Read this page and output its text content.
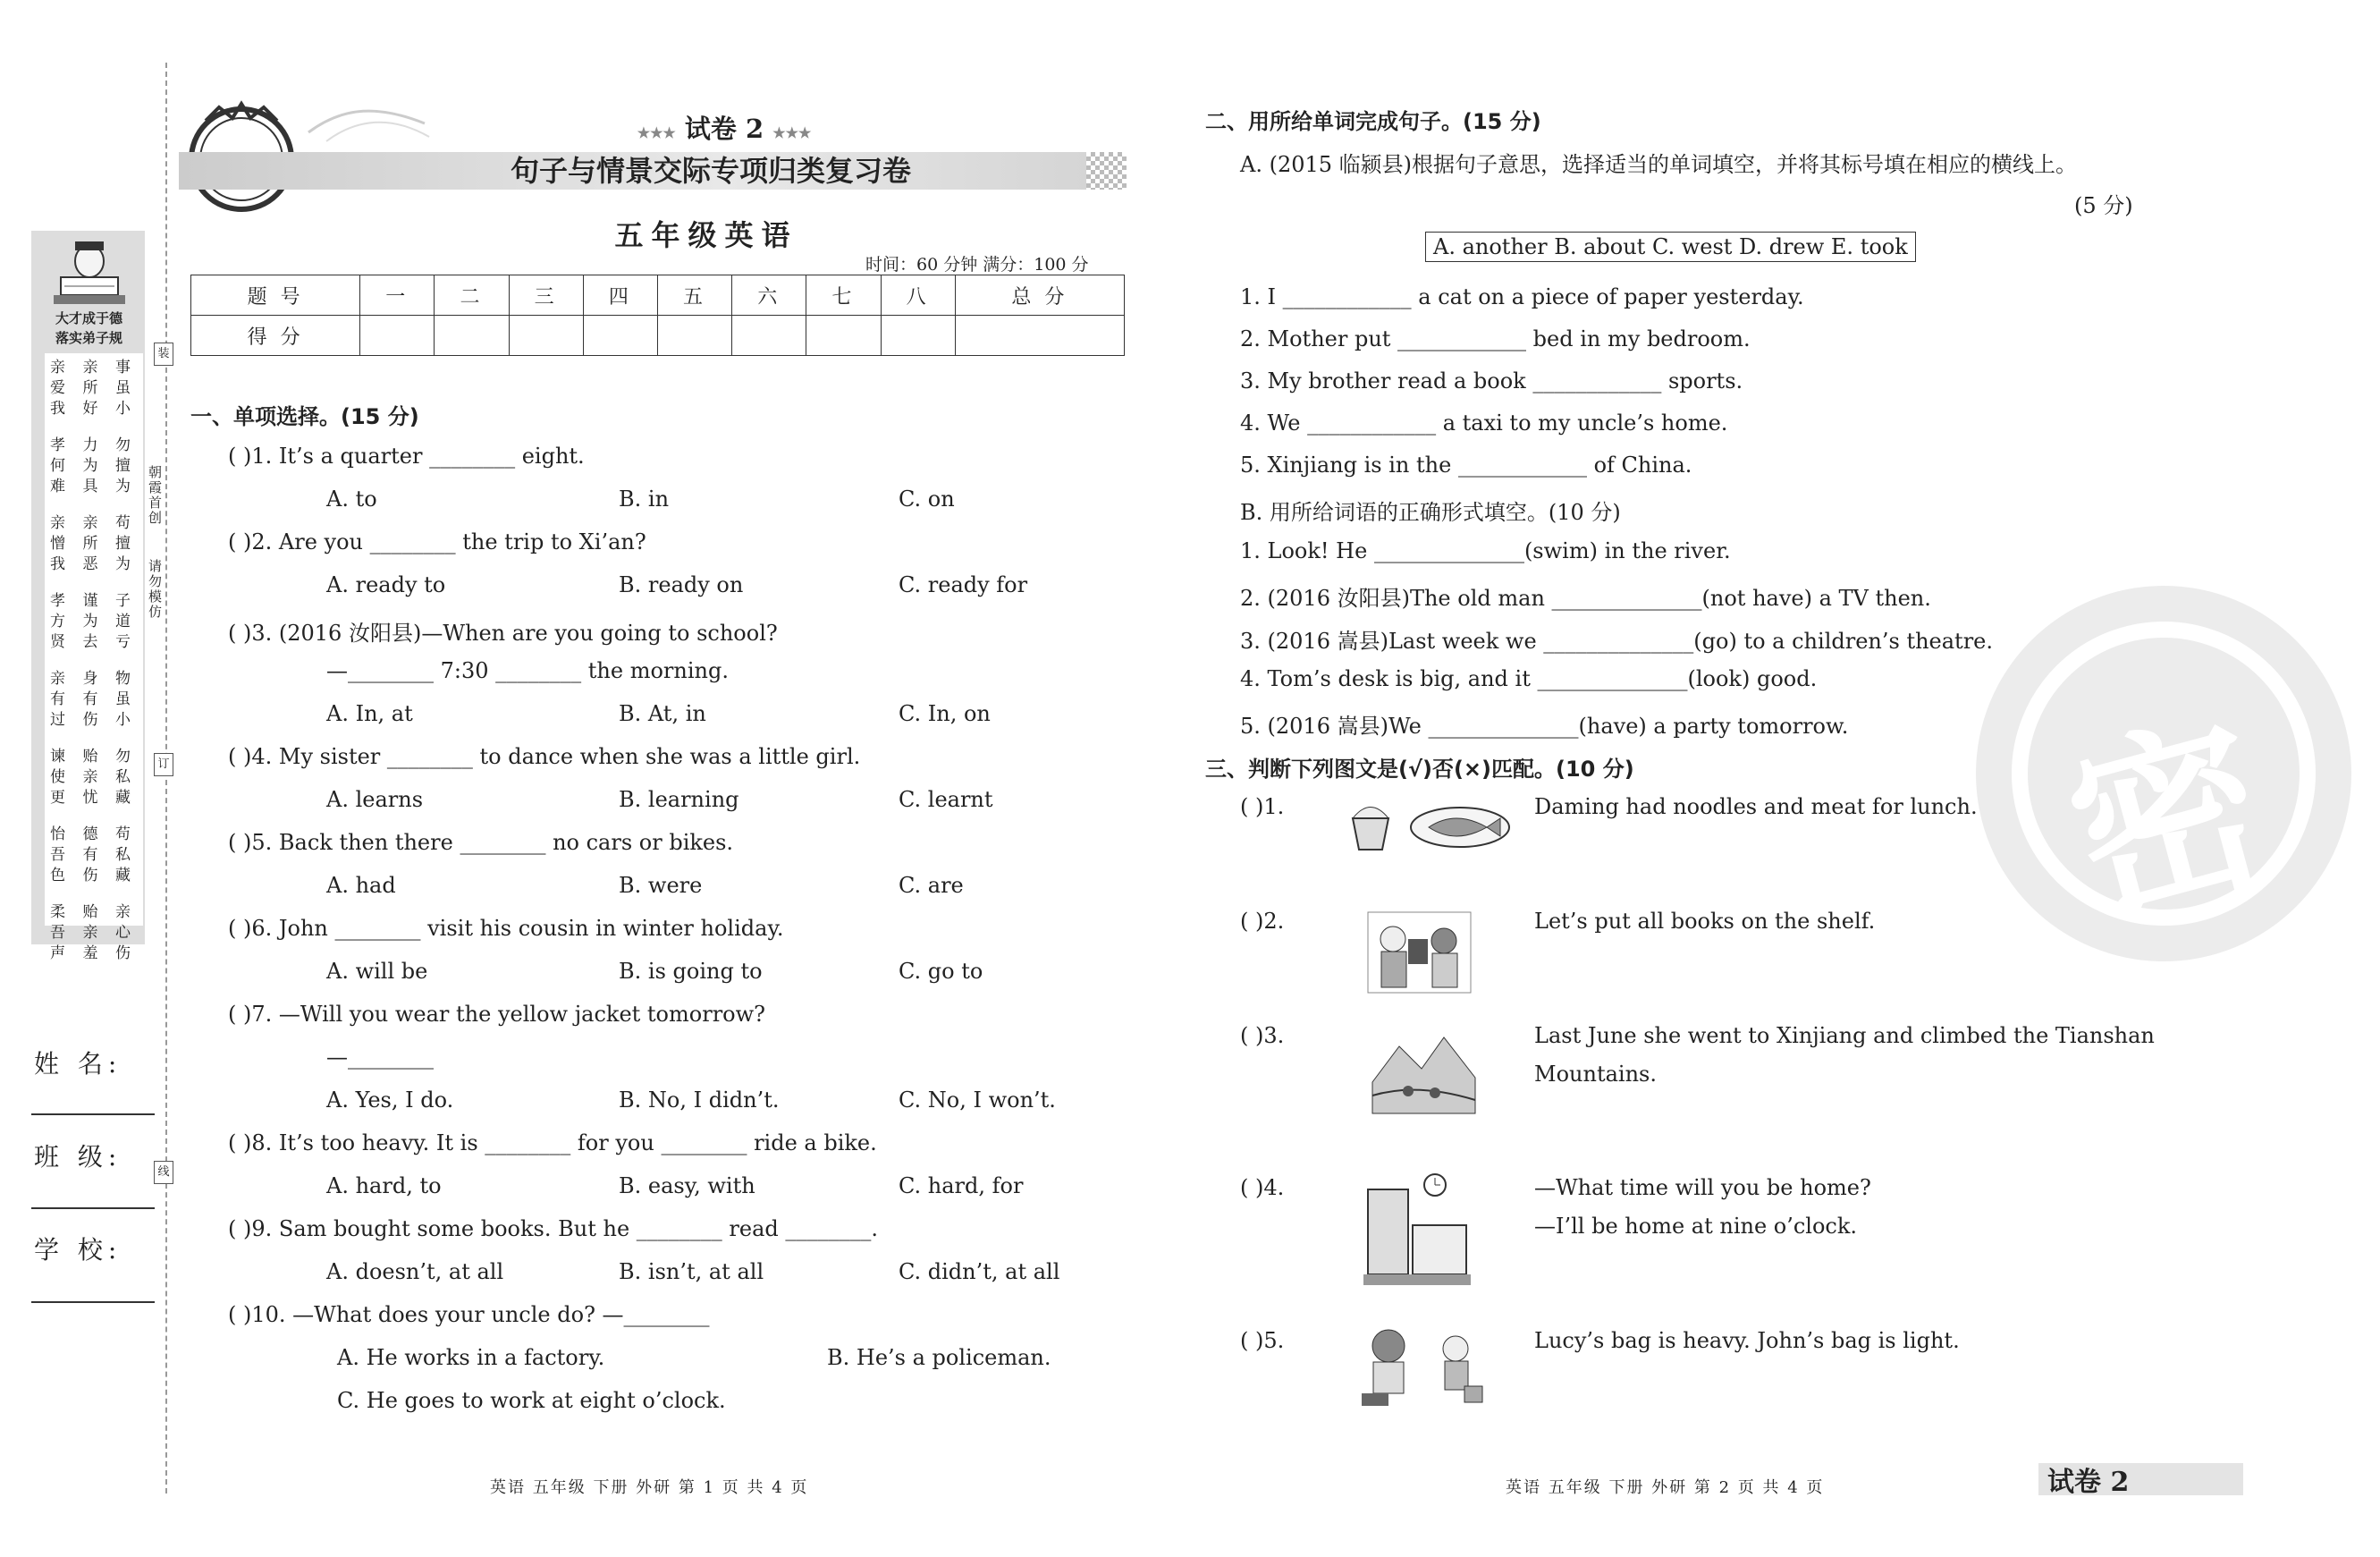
大才成于德
落实弟子规
亲 亲 事
爱 所 虽
我 好 小
孝 力 勿
何 为 擅
难 具 为
亲 亲 苟
憎 所 擅
我 恶 为
孝 谨 子
方 为 道
贤 去 亏
亲 身 物
有 有 虽
过 伤 小
谏 贻 勿
使 亲 私
更 忧 藏
怡 德 苟
吾 有 私
色 伤 藏
柔 贻 亲
吾 亲 心
声 羞 伤
朝霞首创
请勿模仿
装
订
线
姓 名:
班 级:
学 校:
★★★ 试卷 2 ★★★
句子与情景交际专项归类复习卷
五年级英语
时间：60 分钟 满分：100 分
题 号	一	二	三	四	五	六	七	八	总 分
得 分									
一、单项选择。(15 分)
( )1. It’s a quarter ________ eight.
( )2. Are you ________ the trip to Xi’an?
( )3. (2016 汝阳县)—When are you going to school?
—________ 7:30 ________ the morning.
( )4. My sister ________ to dance when she was a little girl.
( )5. Back then there ________ no cars or bikes.
( )6. John ________ visit his cousin in winter holiday.
( )7. —Will you wear the yellow jacket tomorrow?
—________
( )8. It’s too heavy. It is ________ for you ________ ride a bike.
( )9. Sam bought some books. But he ________ read ________.
( )10. —What does your uncle do? —________
A. to	B. in	C. on
A. ready to	B. ready on	C. ready for
A. In, at	B. At, in	C. In, on
A. learns	B. learning	C. learnt
A. had	B. were	C. are
A. will be	B. is going to	C. go to
A. Yes, I do.	B. No, I didn’t.	C. No, I won’t.
A. hard, to	B. easy, with	C. hard, for
A. doesn’t, at all	B. isn’t, at all	C. didn’t, at all
A. He works in a factory.	B. He’s a policeman.
C. He goes to work at eight o’clock.
二、用所给单词完成句子。(15 分)
A. (2015 临颍县)根据句子意思，选择适当的单词填空，并将其标号填在相应的横线上。
(5 分)
A. another B. about C. west D. drew E. took
1. I ____________ a cat on a piece of paper yesterday.
2. Mother put ____________ bed in my bedroom.
3. My brother read a book ____________ sports.
4. We ____________ a taxi to my uncle’s home.
5. Xinjiang is in the ____________ of China.
B. 用所给词语的正确形式填空。(10 分)
1. Look! He ______________(swim) in the river.
2. (2016 汝阳县)The old man ______________(not have) a TV then.
3. (2016 嵩县)Last week we ______________(go) to a children’s theatre.
4. Tom’s desk is big, and it ______________(look) good.
5. (2016 嵩县)We ______________(have) a party tomorrow.	密
三、判断下列图文是(√)否(×)匹配。(10 分)
( )1.	Daming had noodles and meat for lunch.
( )2.	Let’s put all books on the shelf.
( )3.	Last June she went to Xinjiang and climbed the Tianshan
Mountains.
( )4.	—What time will you be home?
—I’ll be home at nine o’clock.
( )5.	Lucy’s bag is heavy. John’s bag is light.
英语 五年级 下册 外研 第 1 页 共 4 页	英语 五年级 下册 外研 第 2 页 共 4 页	试卷 2
